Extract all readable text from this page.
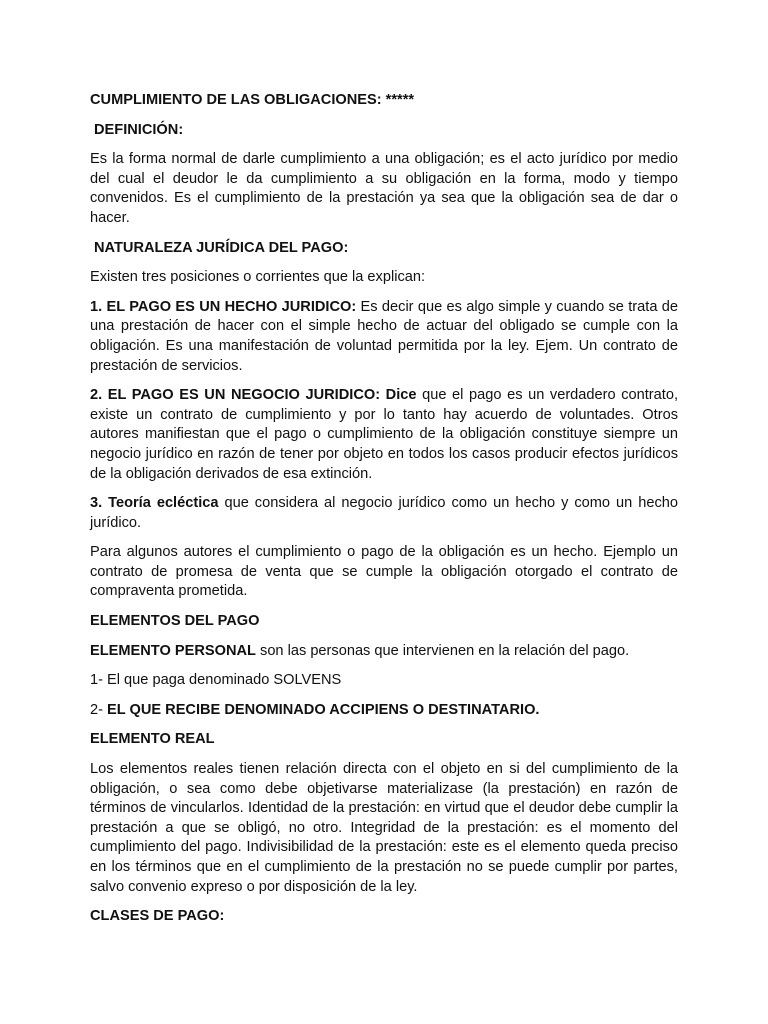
CUMPLIMIENTO DE LAS OBLIGACIONES: *****

DEFINICIÓN:

Es la forma normal de darle cumplimiento a una obligación; es el acto jurídico por medio del cual el deudor le da cumplimiento a su obligación en la forma, modo y tiempo convenidos. Es el cumplimiento de la prestación ya sea que la obligación sea de dar o hacer.

NATURALEZA JURÍDICA DEL PAGO:

Existen tres posiciones o corrientes que la explican:

1. EL PAGO ES UN HECHO JURIDICO: Es decir que es algo simple y cuando se trata de una prestación de hacer con el simple hecho de actuar del obligado se cumple con la obligación. Es una manifestación de voluntad permitida por la ley. Ejem. Un contrato de prestación de servicios.

2. EL PAGO ES UN NEGOCIO JURIDICO: Dice que el pago es un verdadero contrato, existe un contrato de cumplimiento y por lo tanto hay acuerdo de voluntades. Otros autores manifiestan que el pago o cumplimiento de la obligación constituye siempre un negocio jurídico en razón de tener por objeto en todos los casos producir efectos jurídicos de la obligación derivados de esa extinción.

3. Teoría ecléctica que considera al negocio jurídico como un hecho y como un hecho jurídico.

Para algunos autores el cumplimiento o pago de la obligación es un hecho. Ejemplo un contrato de promesa de venta que se cumple la obligación otorgado el contrato de compraventa prometida.

ELEMENTOS DEL PAGO

ELEMENTO PERSONAL son las personas que intervienen en la relación del pago.

1- El que paga denominado SOLVENS

2- EL QUE RECIBE DENOMINADO ACCIPIENS O DESTINATARIO.

ELEMENTO REAL

Los elementos reales tienen relación directa con el objeto en si del cumplimiento de la obligación, o sea como debe objetivarse materializase (la prestación) en razón de términos de vincularlos. Identidad de la prestación: en virtud que el deudor debe cumplir la prestación a que se obligó, no otro. Integridad de la prestación: es el momento del cumplimiento del pago. Indivisibilidad de la prestación: este es el elemento queda preciso en los términos que en el cumplimiento de la prestación no se puede cumplir por partes, salvo convenio expreso o por disposición de la ley.

CLASES DE PAGO:
